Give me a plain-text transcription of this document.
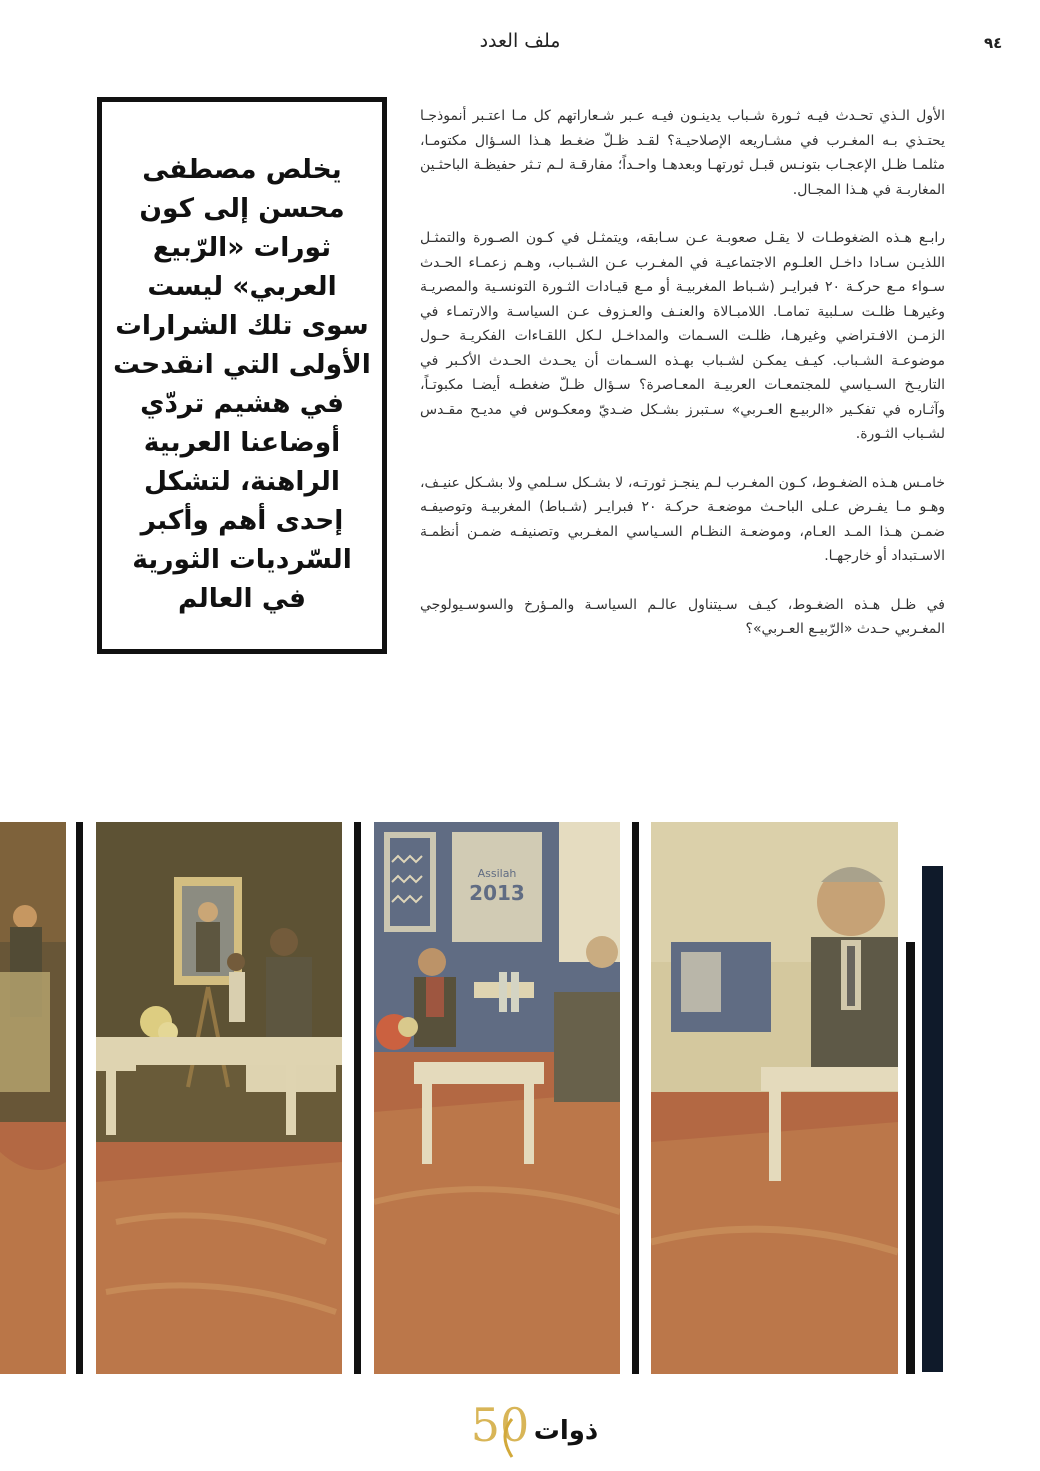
٩٤
ملف العدد
يخلص مصطفى محسن إلى كون ثورات «الرّبيع العربي» ليست سوى تلك الشرارات الأولى التي انقدحت في هشيم تردّي أوضاعنا العربية الراهنة، لتشكل إحدى أهم وأكبر السّرديات الثورية في العالم

الأول الـذي تحـدث فيـه ثـورة شـباب يدينـون فيـه عـبر شـعاراتهم كل مـا اعتـبر أنموذجـا يحتـذي بـه المغـرب في مشـاريعه الإصلاحيـة؟ لقـد ظـلّ ضغـط هـذا السـؤال مكتومـا، مثلمـا ظـل الإعجـاب بتونـس قبـل ثورتهـا وبعدهـا واحـداً؛ مفارقـة لـم تـثر حفيظـة الباحثـين المغاربـة في هـذا المجـال.

رابـع هـذه الضغوطـات لا يقـل صعوبـة عـن سـابقه، ويتمثـل في كـون الصـورة والتمثـل اللذيـن سـادا داخـل العلـوم الاجتماعيـة في المغـرب عـن الشـباب، وهـم زعمـاء الحـدث سـواء مـع حركـة ٢٠ فبرايـر (شـباط المغربيـة أو مـع قيـادات الثـورة التونسـية والمصريـة وغيرهـا ظلـت سـلبية تمامـا. اللامبـالاة والعنـف والعـزوف عـن السياسـة والارتمـاء في الزمـن الافـتراضي وغيرهـا، ظلـت السـمات والمداخـل لـكل اللقـاءات الفكريـة حـول موضوعـة الشـباب. كيـف يمكـن لشـباب بهـذه السـمات أن يحـدث الحـدث الأكـبر في التاريـخ السـياسي للمجتمعـات العربيـة المعـاصرة؟ سـؤال ظـلّ ضغطـه أيضـا مكبوتـاً، وآثـاره في تفكـير «الربيـع العـربي» سـتبرز بشـكل ضـديّ ومعكـوس في مديـح مقـدس لشـباب الثـورة.

خامـس هـذه الضغـوط، كـون المغـرب لـم ينجـز ثورتـه، لا بشـكل سـلمي ولا بشـكل عنيـف، وهـو مـا يفـرض عـلى الباحـث موضعـة حركـة ٢٠ فبرايـر (شـباط) المغربيـة وتوصيفـه ضمـن هـذا المـد العـام، وموضعـة النظـام السـياسي المغـربي وتصنيفـه ضمـن أنظمـة الاسـتبداد أو خارجهـا.

في ظـل هـذه الضغـوط، كيـف سـيتناول عالـم السياسـة والمـؤرخ والسوسـيولوجي المغـربي حـدث «الرّبيـع العـربي»؟

2013
Assilah
50 ذوات
